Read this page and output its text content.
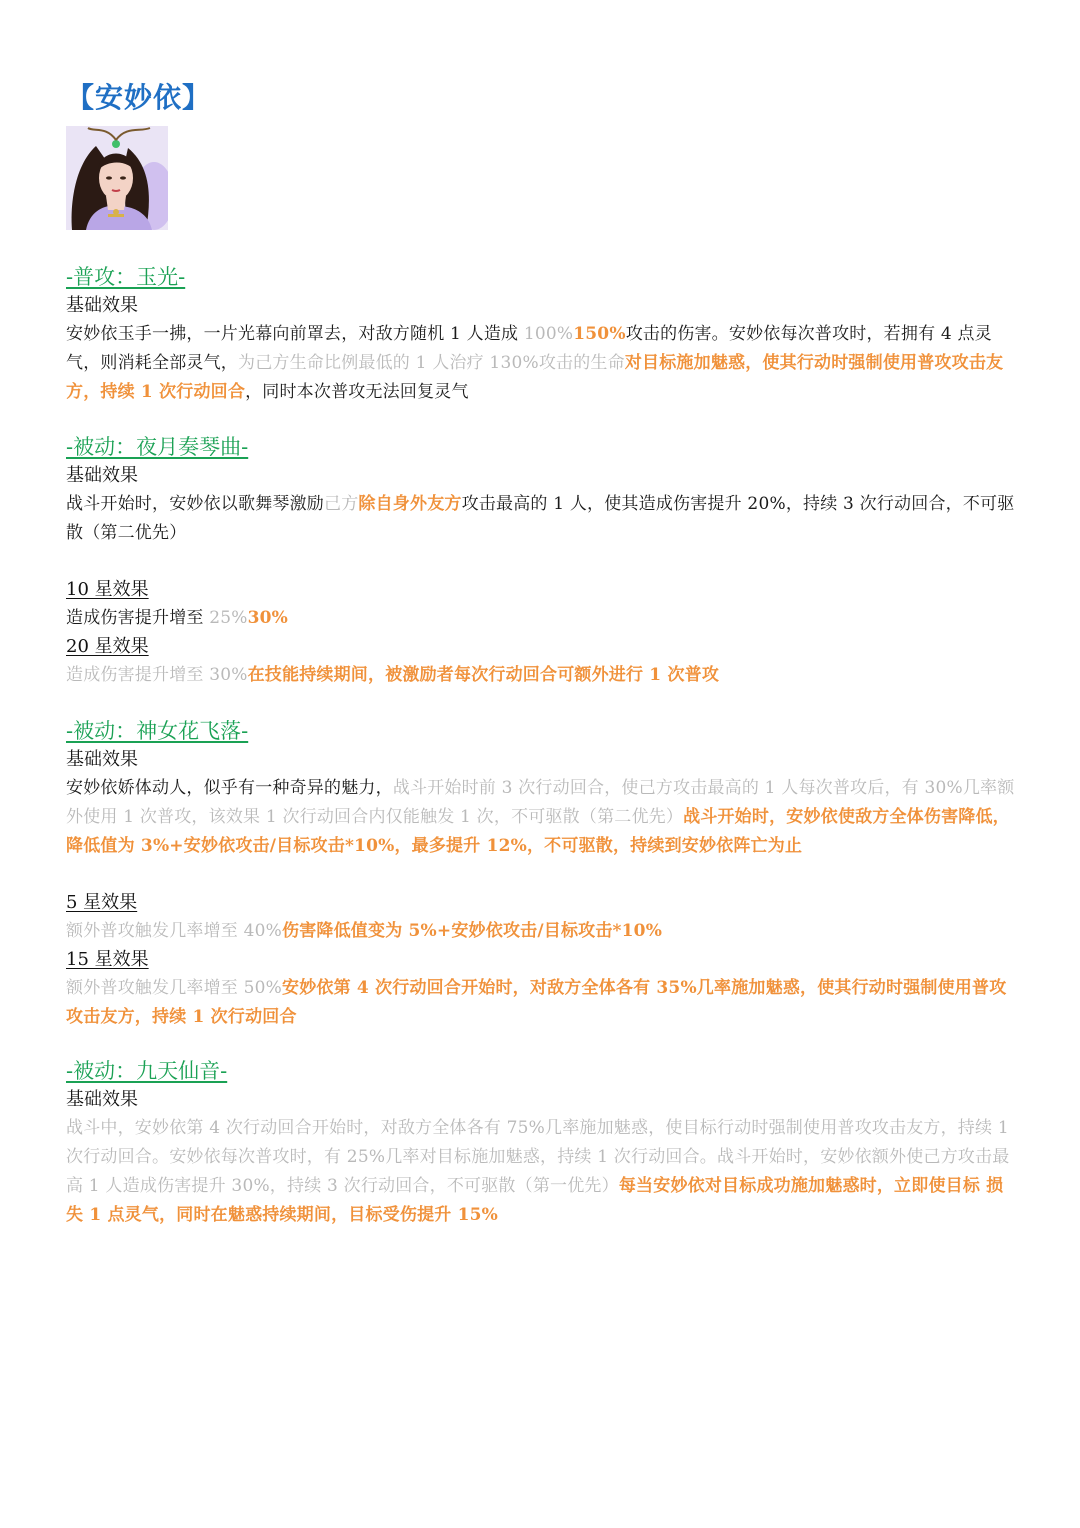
【安妙依】
-普攻：玉光-
基础效果
安妙依玉手一拂，一片光幕向前罩去，对敌方随机 1 人造成 100%150%攻击的伤害。安妙依每次普攻时，若拥有 4 点灵气，则消耗全部灵气，为己方生命比例最低的 1 人治疗 130%攻击的生命对目标施加魅惑，使其行动时强制使用普攻攻击友方，持续 1 次行动回合，同时本次普攻无法回复灵气
-被动：夜月奏琴曲-
基础效果
战斗开始时，安妙依以歌舞琴激励己方除自身外友方攻击最高的 1 人，使其造成伤害提升 20%，持续 3 次行动回合，不可驱散（第二优先）
10 星效果
造成伤害提升增至 25%30%
20 星效果
造成伤害提升增至 30%在技能持续期间，被激励者每次行动回合可额外进行 1 次普攻
-被动：神女花飞落-
基础效果
安妙依娇体动人，似乎有一种奇异的魅力，战斗开始时前 3 次行动回合，使己方攻击最高的 1 人每次普攻后，有 30%几率额外使用 1 次普攻，该效果 1 次行动回合内仅能触发 1 次，不可驱散（第二优先）战斗开始时，安妙依使敌方全体伤害降低，降低值为 3%+安妙依攻击/目标攻击*10%，最多提升 12%，不可驱散，持续到安妙依阵亡为止
5 星效果
额外普攻触发几率增至 40%伤害降低值变为 5%+安妙依攻击/目标攻击*10%
15 星效果
额外普攻触发几率增至 50%安妙依第 4 次行动回合开始时，对敌方全体各有 35%几率施加魅惑，使其行动时强制使用普攻攻击友方，持续 1 次行动回合
-被动：九天仙音-
基础效果
战斗中，安妙依第 4 次行动回合开始时，对敌方全体各有 75%几率施加魅惑，使目标行动时强制使用普攻攻击友方，持续 1 次行动回合。安妙依每次普攻时，有 25%几率对目标施加魅惑，持续 1 次行动回合。战斗开始时，安妙依额外使己方攻击最高 1 人造成伤害提升 30%，持续 3 次行动回合，不可驱散（第一优先）每当安妙依对目标成功施加魅惑时，立即使目标 损失 1 点灵气，同时在魅惑持续期间，目标受伤提升 15%
